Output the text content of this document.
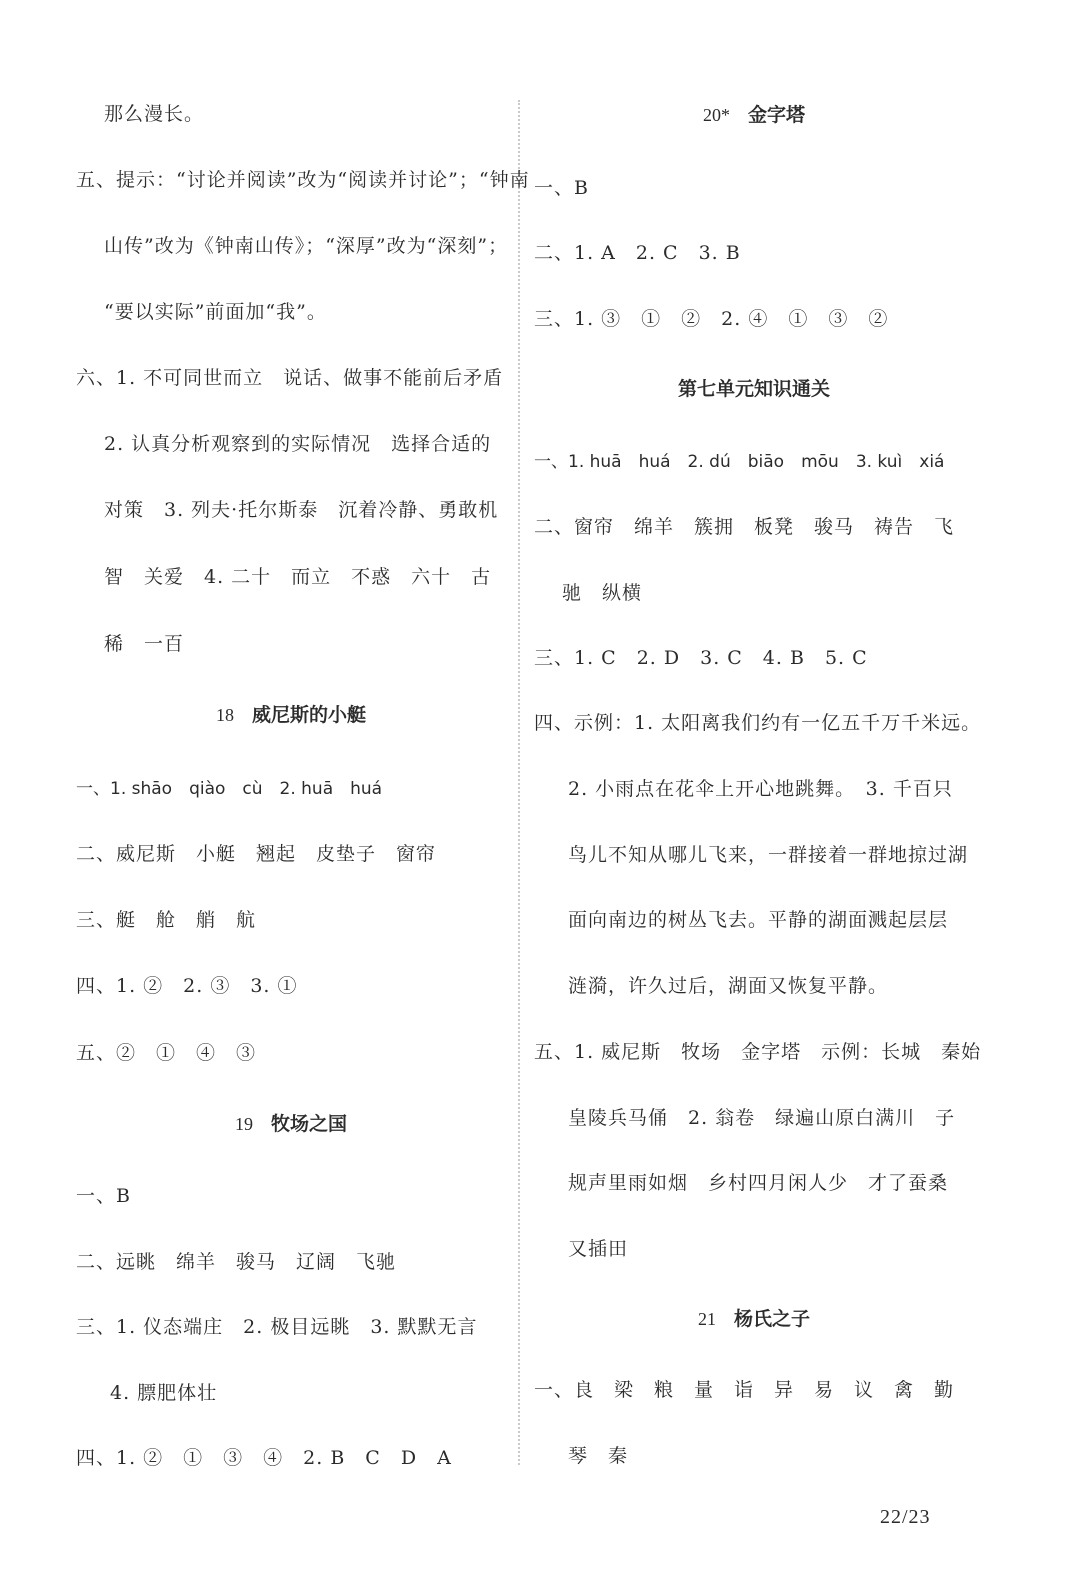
那么漫长。
五、提示：“讨论并阅读”改为“阅读并讨论”；“钟南
山传”改为《钟南山传》；“深厚”改为“深刻”；
“要以实际”前面加“我”。
六、1. 不可同世而立　说话、做事不能前后矛盾
2. 认真分析观察到的实际情况　选择合适的
对策　3. 列夫·托尔斯泰　沉着冷静、勇敢机
智　关爱　4. 二十　而立　不惑　六十　古
稀　一百
18 威尼斯的小艇
一、1. shāo　qiào　cù　2. huā　huá
二、威尼斯　小艇　翘起　皮垫子　窗帘
三、艇　舱　艄　航
四、1. ②　2. ③　3. ①
五、②　①　④　③
19 牧场之国
一、B
二、远眺　绵羊　骏马　辽阔　飞驰
三、1. 仪态端庄　2. 极目远眺　3. 默默无言
4. 膘肥体壮
四、1. ②　①　③　④　2. B　C　D　A
20* 金字塔
一、B
二、1. A　2. C　3. B
三、1. ③　①　②　2. ④　①　③　②
第七单元知识通关
一、1. huā　huá　2. dú　biāo　mōu　3. kuì　xiá
二、窗帘　绵羊　簇拥　板凳　骏马　祷告　飞
驰　纵横
三、1. C　2. D　3. C　4. B　5. C
四、示例：1. 太阳离我们约有一亿五千万千米远。
2. 小雨点在花伞上开心地跳舞。　3. 千百只
鸟儿不知从哪儿飞来，一群接着一群地掠过湖
面向南边的树丛飞去。平静的湖面溅起层层
涟漪，许久过后，湖面又恢复平静。
五、1. 威尼斯　牧场　金字塔　示例：长城　秦始
皇陵兵马俑　2. 翁卷　绿遍山原白满川　子
规声里雨如烟　乡村四月闲人少　才了蚕桑
又插田
21 杨氏之子
一、良　梁　粮　量　诣　异　易　议　禽　勤
琴　秦
22/23
